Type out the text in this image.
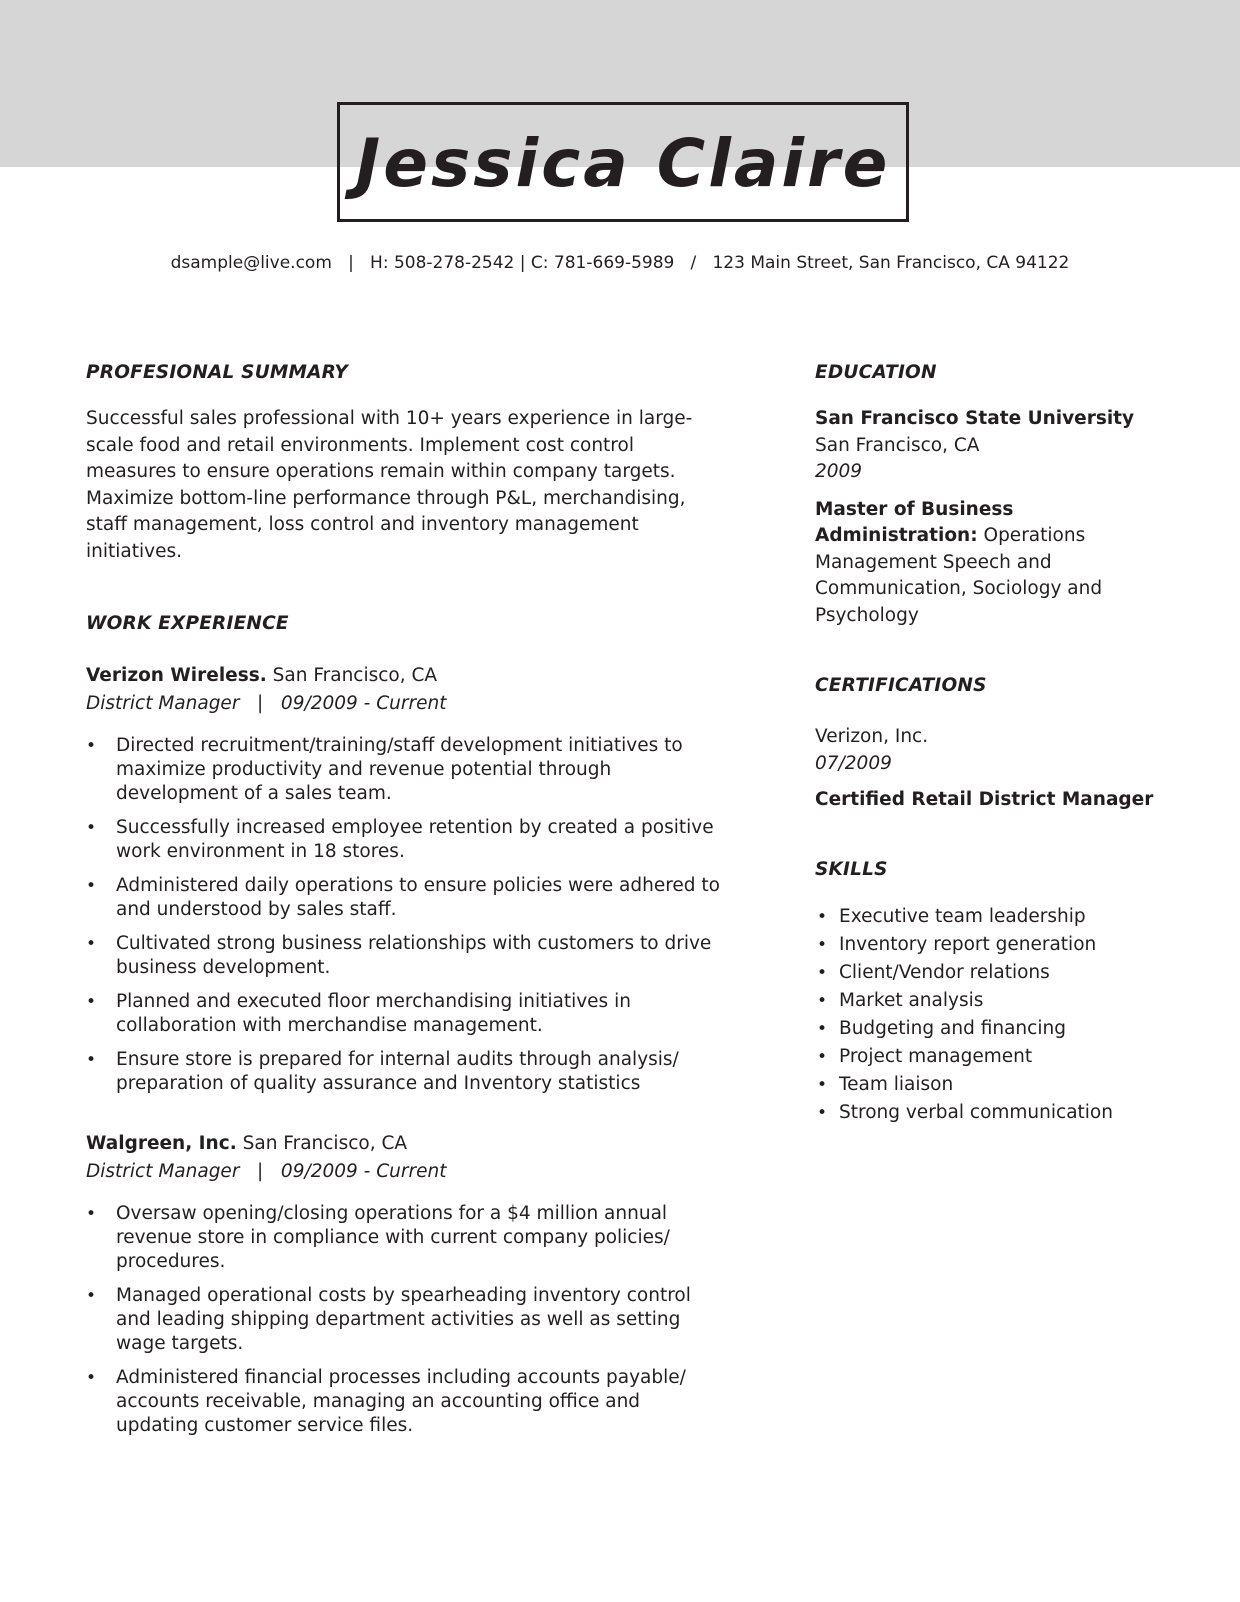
Jessica Claire
dsample@live.com   |   H: 508-278-2542 | C: 781-669-5989   /   123 Main Street, San Francisco, CA 94122
PROFESIONAL SUMMARY

Successful sales professional with 10+ years experience in large-scale food and retail environments. Implement cost control measures to ensure operations remain within company targets. Maximize bottom-line performance through P&L, merchandising, staff management, loss control and inventory management initiatives.

WORK EXPERIENCE
Verizon Wireless. San Francisco, CA
District Manager   |   09/2009 - Current
• Directed recruitment/training/staff development initiatives to maximize productivity and revenue potential through development of a sales team.
• Successfully increased employee retention by created a positive work environment in 18 stores.
• Administered daily operations to ensure policies were adhered to and understood by sales staff.
• Cultivated strong business relationships with customers to drive business development.
• Planned and executed floor merchandising initiatives in collaboration with merchandise management.
• Ensure store is prepared for internal audits through analysis/ preparation of quality assurance and Inventory statistics
Walgreen, Inc. San Francisco, CA
District Manager   |   09/2009 - Current
• Oversaw opening/closing operations for a $4 million annual revenue store in compliance with current company policies/ procedures.
• Managed operational costs by spearheading inventory control and leading shipping department activities as well as setting wage targets.
• Administered financial processes including accounts payable/ accounts receivable, managing an accounting office and updating customer service files.
EDUCATION
San Francisco State University
San Francisco, CA
2009
Master of Business Administration: Operations Management Speech and Communication, Sociology and Psychology
CERTIFICATIONS
Verizon, Inc.
07/2009
Certified Retail District Manager
SKILLS
• Executive team leadership
• Inventory report generation
• Client/Vendor relations
• Market analysis
• Budgeting and financing
• Project management
• Team liaison
• Strong verbal communication
